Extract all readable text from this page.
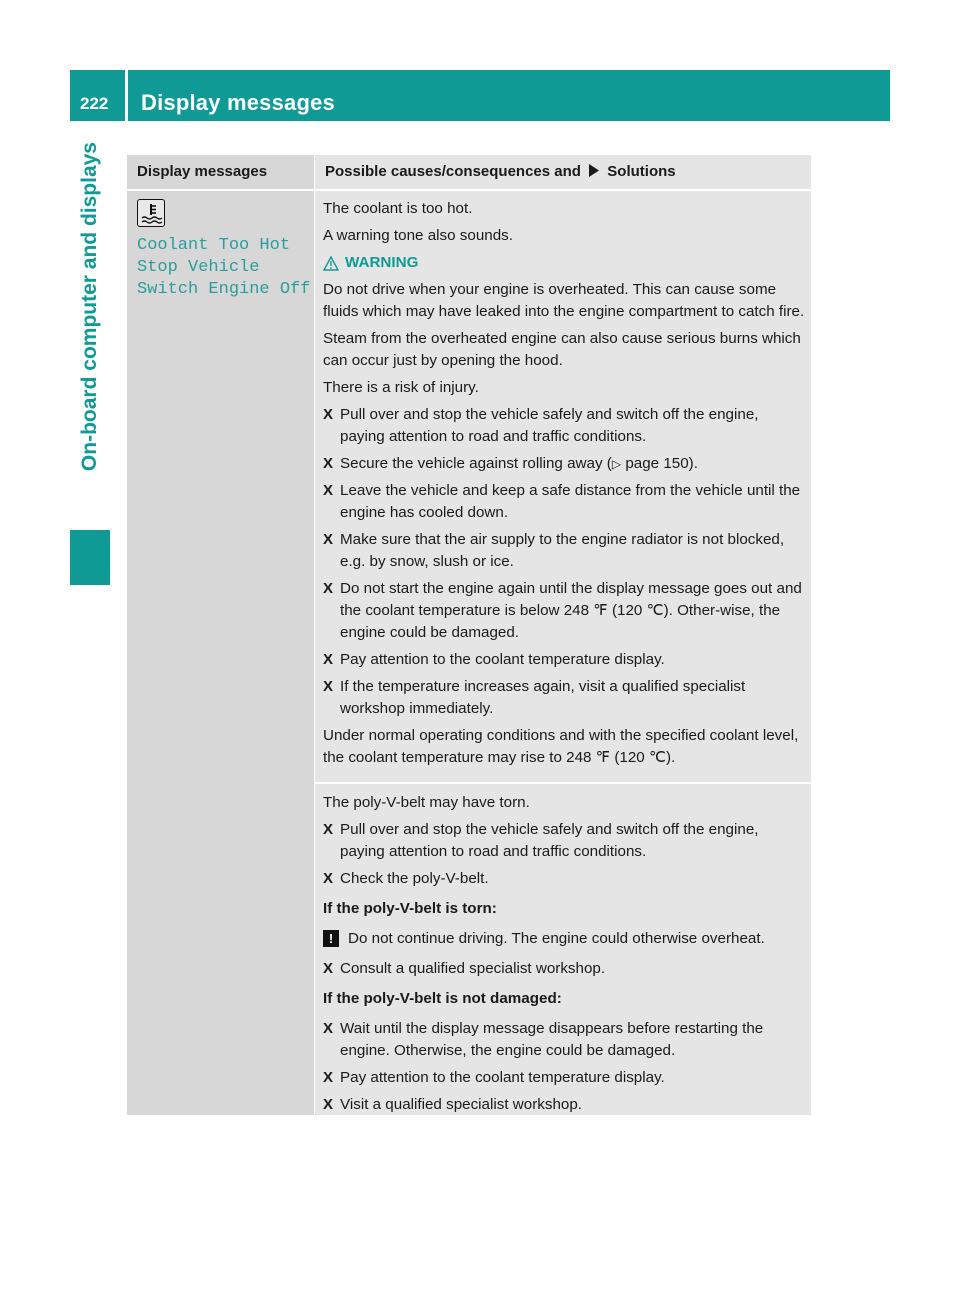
222 Display messages
On-board computer and displays	Display messages
Coolant Too Hot
Stop Vehicle
Switch Engine Off
Possible causes/consequences and Solutions

The coolant is too hot.

A warning tone also sounds.

WARNING

Do not drive when your engine is overheated. This can cause some fluids which may have leaked into the engine compartment to catch fire.

Steam from the overheated engine can also cause serious burns which can occur just by opening the hood.

There is a risk of injury.

X Pull over and stop the vehicle safely and switch off the engine, paying attention to road and traffic conditions.
X Secure the vehicle against rolling away (▷ page 150).
X Leave the vehicle and keep a safe distance from the vehicle until the engine has cooled down.
X Make sure that the air supply to the engine radiator is not blocked, e.g. by snow, slush or ice.
X Do not start the engine again until the display message goes out and the coolant temperature is below 248 ℉ (120 ℃). Other-wise, the engine could be damaged.
X Pay attention to the coolant temperature display.
X If the temperature increases again, visit a qualified specialist workshop immediately.

Under normal operating conditions and with the specified coolant level, the coolant temperature may rise to 248 ℉ (120 ℃).

The poly-V-belt may have torn.

X Pull over and stop the vehicle safely and switch off the engine, paying attention to road and traffic conditions.
X Check the poly-V-belt.

If the poly-V-belt is torn:

! Do not continue driving. The engine could otherwise overheat.
X Consult a qualified specialist workshop.

If the poly-V-belt is not damaged:

X Wait until the display message disappears before restarting the engine. Otherwise, the engine could be damaged.
X Pay attention to the coolant temperature display.
X Visit a qualified specialist workshop.
